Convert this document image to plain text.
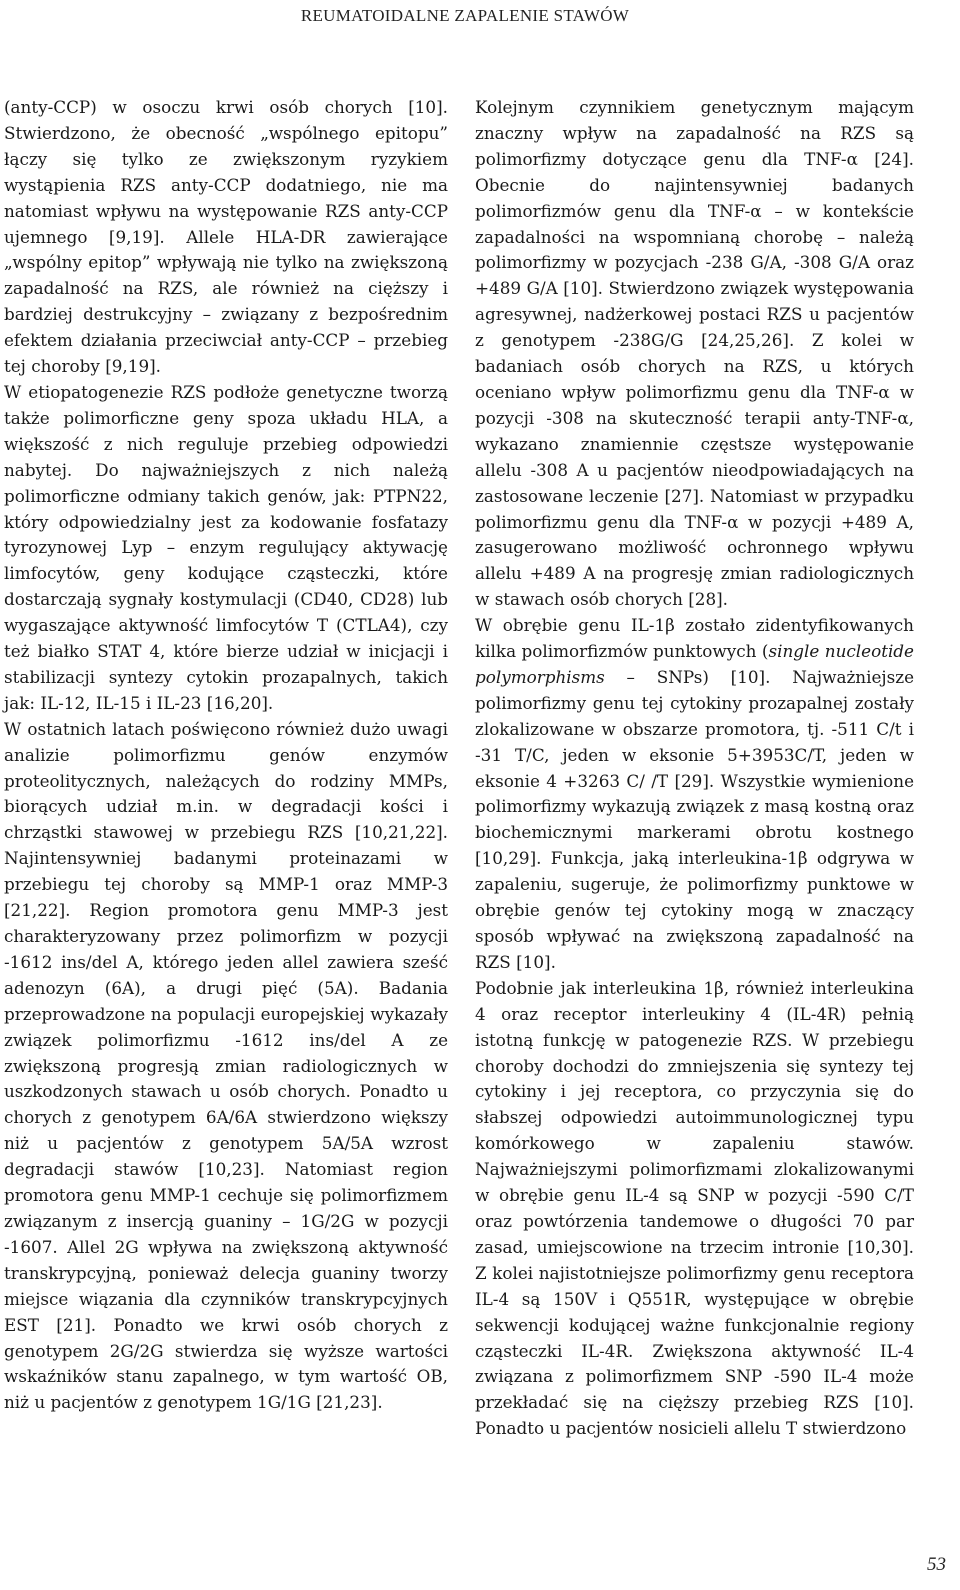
REUMATOIDALNE ZAPALENIE STAWÓW

(anty-CCP) w osoczu krwi osób chorych [10]. Stwierdzono, że obecność „wspólnego epitopu” łączy się tylko ze zwiększonym ryzykiem wystąpienia RZS anty-CCP dodatniego, nie ma natomiast wpływu na występowanie RZS anty-CCP ujemnego [9,19]. Allele HLA-DR zawierające „wspólny epitop” wpływają nie tylko na zwiększoną zapadalność na RZS, ale również na cięższy i bardziej destrukcyjny – związany z bezpośrednim efektem działania przeciwciał anty-CCP – przebieg tej choroby [9,19].

W etiopatogenezie RZS podłoże genetyczne tworzą także polimorficzne geny spoza układu HLA, a większość z nich reguluje przebieg odpowiedzi nabytej. Do najważniejszych z nich należą polimorficzne odmiany takich genów, jak: PTPN22, który odpowiedzialny jest za kodowanie fosfatazy tyrozynowej Lyp – enzym regulujący aktywację limfocytów, geny kodujące cząsteczki, które dostarczają sygnały kostymulacji (CD40, CD28) lub wygaszające aktywność limfocytów T (CTLA4), czy też białko STAT 4, które bierze udział w inicjacji i stabilizacji syntezy cytokin prozapalnych, takich jak: IL-12, IL-15 i IL-23 [16,20].

W ostatnich latach poświęcono również dużo uwagi analizie polimorfizmu genów enzymów proteolitycznych, należących do rodziny MMPs, biorących udział m.in. w degradacji kości i chrząstki stawowej w przebiegu RZS [10,21,22]. Najintensywniej badanymi proteinazami w przebiegu tej choroby są MMP-1 oraz MMP-3 [21,22]. Region promotora genu MMP-3 jest charakteryzowany przez polimorfizm w pozycji -1612 ins/del A, którego jeden allel zawiera sześć adenozyn (6A), a drugi pięć (5A). Badania przeprowadzone na populacji europejskiej wykazały związek polimorfizmu -1612 ins/del A ze zwiększoną progresją zmian radiologicznych w uszkodzonych stawach u osób chorych. Ponadto u chorych z genotypem 6A/6A stwierdzono większy niż u pacjentów z genotypem 5A/5A wzrost degradacji stawów [10,23]. Natomiast region promotora genu MMP-1 cechuje się polimorfizmem związanym z insercją guaniny – 1G/2G w pozycji -1607. Allel 2G wpływa na zwiększoną aktywność transkrypcyjną, ponieważ delecja guaniny tworzy miejsce wiązania dla czynników transkrypcyjnych EST [21]. Ponadto we krwi osób chorych z genotypem 2G/2G stwierdza się wyższe wartości wskaźników stanu zapalnego, w tym wartość OB, niż u pacjentów z genotypem 1G/1G [21,23].

Kolejnym czynnikiem genetycznym mającym znaczny wpływ na zapadalność na RZS są polimorfizmy dotyczące genu dla TNF-α [24]. Obecnie do najintensywniej badanych polimorfizmów genu dla TNF-α – w kontekście zapadalności na wspomnianą chorobę – należą polimorfizmy w pozycjach -238 G/A, -308 G/A oraz +489 G/A [10]. Stwierdzono związek występowania agresywnej, nadżerkowej postaci RZS u pacjentów z genotypem -238G/G [24,25,26]. Z kolei w badaniach osób chorych na RZS, u których oceniano wpływ polimorfizmu genu dla TNF-α w pozycji -308 na skuteczność terapii anty-TNF-α, wykazano znamiennie częstsze występowanie allelu -308 A u pacjentów nieodpowiadających na zastosowane leczenie [27]. Natomiast w przypadku polimorfizmu genu dla TNF-α w pozycji +489 A, zasugerowano możliwość ochronnego wpływu allelu +489 A na progresję zmian radiologicznych w stawach osób chorych [28].

W obrębie genu IL-1β zostało zidentyfikowanych kilka polimorfizmów punktowych (single nucleotide polymorphisms – SNPs) [10]. Najważniejsze polimorfizmy genu tej cytokiny prozapalnej zostały zlokalizowane w obszarze promotora, tj. -511 C/t i -31 T/C, jeden w eksonie 5+3953C/T, jeden w eksonie 4 +3263 C/ /T [29]. Wszystkie wymienione polimorfizmy wykazują związek z masą kostną oraz biochemicznymi markerami obrotu kostnego [10,29]. Funkcja, jaką interleukina-1β odgrywa w zapaleniu, sugeruje, że polimorfizmy punktowe w obrębie genów tej cytokiny mogą w znaczący sposób wpływać na zwiększoną zapadalność na RZS [10].

Podobnie jak interleukina 1β, również interleukina 4 oraz receptor interleukiny 4 (IL-4R) pełnią istotną funkcję w patogenezie RZS. W przebiegu choroby dochodzi do zmniejszenia się syntezy tej cytokiny i jej receptora, co przyczynia się do słabszej odpowiedzi autoimmunologicznej typu komórkowego w zapaleniu stawów. Najważniejszymi polimorfizmami zlokalizowanymi w obrębie genu IL-4 są SNP w pozycji -590 C/T oraz powtórzenia tandemowe o długości 70 par zasad, umiejscowione na trzecim intronie [10,30]. Z kolei najistotniejsze polimorfizmy genu receptora IL-4 są 150V i Q551R, występujące w obrębie sekwencji kodującej ważne funkcjonalnie regiony cząsteczki IL-4R. Zwiększona aktywność IL-4 związana z polimorfizmem SNP -590 IL-4 może przekładać się na cięższy przebieg RZS [10]. Ponadto u pacjentów nosicieli allelu T stwierdzono

53
